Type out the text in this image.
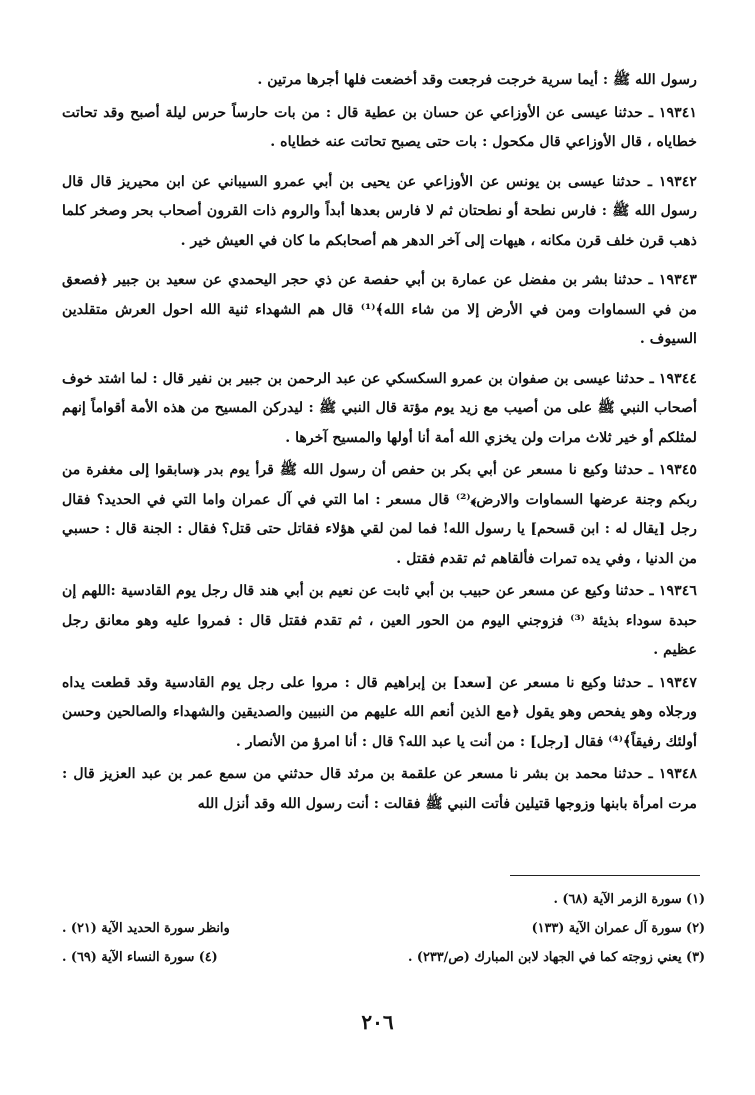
رسول الله ﷺ : أيما سرية خرجت فرجعت وقد أخضعت فلها أجرها مرتين .

١٩٣٤١ ـ حدثنا عيسى عن الأوزاعي عن حسان بن عطية قال : من بات حارساً حرس ليلة أصبح وقد تحاتت خطاياه ، قال الأوزاعي قال مكحول : بات حتى يصبح تحاتت عنه خطاياه .

١٩٣٤٢ ـ حدثنا عيسى بن يونس عن الأوزاعي عن يحيى بن أبي عمرو السيباني عن ابن محيريز قال قال رسول الله ﷺ : فارس نطحة أو نطحتان ثم لا فارس بعدها أبداً والروم ذات القرون أصحاب بحر وصخر كلما ذهب قرن خلف قرن مكانه ، هيهات إلى آخر الدهر هم أصحابكم ما كان في العيش خير .

١٩٣٤٣ ـ حدثنا بشر بن مفضل عن عمارة بن أبي حفصة عن ذي حجر اليحمدي عن سعيد بن جبير ﴿فصعق من في السماوات ومن في الأرض إلا من شاء الله﴾⁽¹⁾ قال هم الشهداء ثنية الله احول العرش متقلدين السيوف .

١٩٣٤٤ ـ حدثنا عيسى بن صفوان بن عمرو السكسكي عن عبد الرحمن بن جبير بن نفير قال : لما اشتد خوف أصحاب النبي ﷺ على من أصيب مع زيد يوم مؤتة قال النبي ﷺ : ليدركن المسيح من هذه الأمة أقواماً إنهم لمثلكم أو خير ثلاث مرات ولن يخزي الله أمة أنا أولها والمسيح آخرها .

١٩٣٤٥ ـ حدثنا وكيع نا مسعر عن أبي بكر بن حفص أن رسول الله ﷺ قرأ يوم بدر ﴿سابقوا إلى مغفرة من ربكم وجنة عرضها السماوات والارض﴾⁽²⁾ قال مسعر : اما التي في آل عمران واما التي في الحديد؟ فقال رجل [يقال له : ابن قسحم] يا رسول الله! فما لمن لقي هؤلاء فقاتل حتى قتل؟ فقال : الجنة قال : حسبي من الدنيا ، وفي يده تمرات فألقاهم ثم تقدم فقتل .

١٩٣٤٦ ـ حدثنا وكيع عن مسعر عن حبيب بن أبي ثابت عن نعيم بن أبي هند قال رجل يوم القادسية :اللهم إن حبدة سوداء بذيئة ⁽³⁾ فزوجني اليوم من الحور العين ، ثم تقدم فقتل قال : فمروا عليه وهو معانق رجل عظيم .

١٩٣٤٧ ـ حدثنا وكيع نا مسعر عن [سعد] بن إبراهيم قال : مروا على رجل يوم القادسية وقد قطعت يداه ورجلاه وهو يفحص وهو يقول ﴿مع الذين أنعم الله عليهم من النبيين والصديقين والشهداء والصالحين وحسن أولئك رفيقاً﴾⁽⁴⁾ فقال [رجل] : من أنت يا عبد الله؟ قال : أنا امرؤ من الأنصار .

١٩٣٤٨ ـ حدثنا محمد بن بشر نا مسعر عن علقمة بن مرثد قال حدثني من سمع عمر بن عبد العزيز قال : مرت امرأة بابنها وزوجها قتيلين فأتت النبي ﷺ فقالت : أنت رسول الله وقد أنزل الله

(١) سورة الزمر الآية (٦٨) .
(٢) سورة آل عمران الآية (١٣٣)
وانظر سورة الحديد الآية (٢١) .
(٣) يعني زوجته كما في الجهاد لابن المبارك (ص/٢٣٣) .
(٤) سورة النساء الآية (٦٩) .
٢٠٦
